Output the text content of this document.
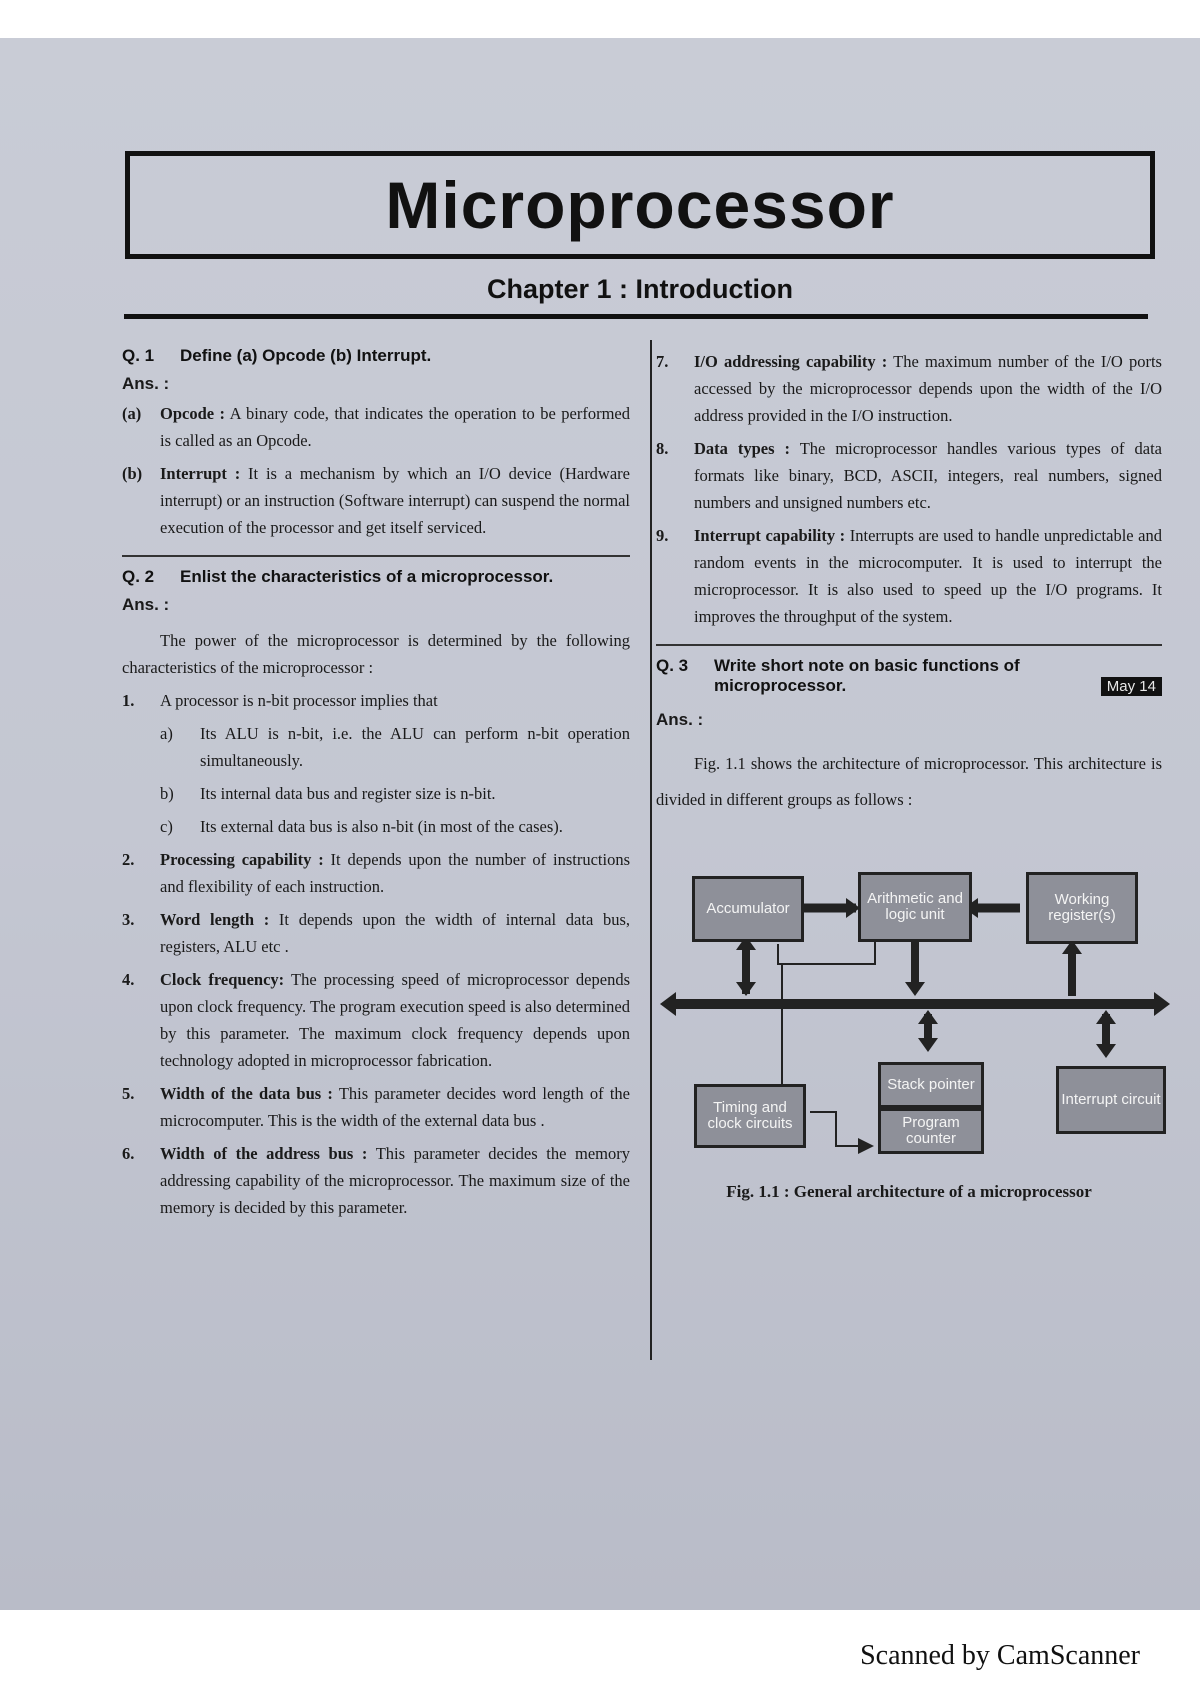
Microprocessor
Chapter 1 : Introduction
Q. 1	Define (a) Opcode (b) Interrupt.
Ans. :
(a)	Opcode : A binary code, that indicates the operation to be performed is called as an Opcode.
(b)	Interrupt : It is a mechanism by which an I/O device (Hardware interrupt) or an instruction (Software interrupt) can suspend the normal execution of the processor and get itself serviced.
Q. 2	Enlist the characteristics of a microprocessor.
Ans. :
The power of the microprocessor is determined by the following characteristics of the microprocessor :
1.	A processor is n-bit processor implies that
a)	Its ALU is n-bit, i.e. the ALU can perform n-bit operation simultaneously.
b)	Its internal data bus and register size is n-bit.
c)	Its external data bus is also n-bit (in most of the cases).
2.	Processing capability : It depends upon the number of instructions and flexibility of each instruction.
3.	Word length : It depends upon the width of internal data bus, registers, ALU etc .
4.	Clock frequency: The processing speed of microprocessor depends upon clock frequency. The program execution speed is also determined by this parameter. The maximum clock frequency depends upon technology adopted in microprocessor fabrication.
5.	Width of the data bus : This parameter decides word length of the microcomputer. This is the width of the external data bus .
6.	Width of the address bus : This parameter decides the memory addressing capability of the microprocessor. The maximum size of the memory is decided by this parameter.
7.	I/O addressing capability : The maximum number of the I/O ports accessed by the microprocessor depends upon the width of the I/O address provided in the I/O instruction.
8.	Data types : The microprocessor handles various types of data formats like binary, BCD, ASCII, integers, real numbers, signed numbers and unsigned numbers etc.
9.	Interrupt capability : Interrupts are used to handle unpredictable and random events in the microcomputer. It is used to interrupt the microprocessor. It is also used to speed up the I/O programs. It improves the throughput of the system.
Q. 3	Write short note on basic functions of microprocessor.	May 14
Ans. :
Fig. 1.1 shows the architecture of microprocessor. This architecture is divided in different groups as follows :
Accumulator
Arithmetic and logic unit
Working register(s)
Timing and clock circuits
Stack pointer
Program counter
Interrupt circuit
Fig. 1.1 : General architecture of a microprocessor
Scanned by CamScanner
